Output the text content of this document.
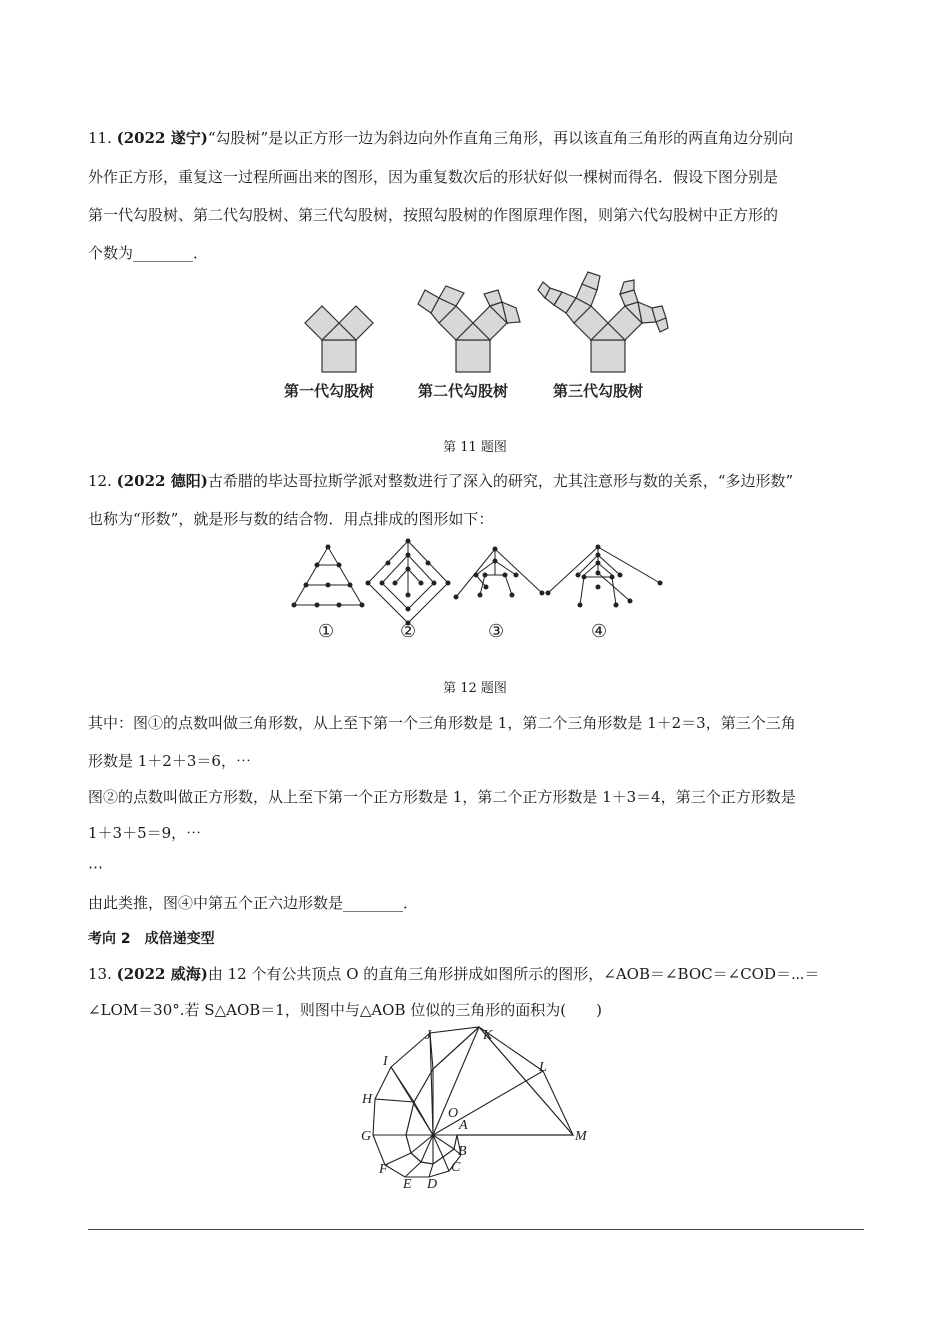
11. (2022 遂宁)“勾股树”是以正方形一边为斜边向外作直角三角形，再以该直角三角形的两直角边分别向
外作正方形，重复这一过程所画出来的图形，因为重复数次后的形状好似一棵树而得名．假设下图分别是
第一代勾股树、第二代勾股树、第三代勾股树，按照勾股树的作图原理作图，则第六代勾股树中正方形的
个数为________．
第一代勾股树	第二代勾股树	第三代勾股树
第 11 题图
12. (2022 德阳)古希腊的毕达哥拉斯学派对整数进行了深入的研究，尤其注意形与数的关系，“多边形数”
也称为“形数”，就是形与数的结合物．用点排成的图形如下：
①	②	③	④
第 12 题图
其中：图①的点数叫做三角形数，从上至下第一个三角形数是 1，第二个三角形数是 1＋2＝3，第三个三角
形数是 1＋2＋3＝6，⋯
图②的点数叫做正方形数，从上至下第一个正方形数是 1，第二个正方形数是 1＋3＝4，第三个正方形数是
1＋3＋5＝9，⋯
⋯
由此类推，图④中第五个正六边形数是________．
考向 2　成倍递变型
13. (2022 威海)由 12 个有公共顶点 O 的直角三角形拼成如图所示的图形，∠AOB＝∠BOC＝∠COD＝⋯＝
∠LOM＝30°.若 S△AOB＝1，则图中与△AOB 位似的三角形的面积为(　　)
A
B
C
D
E
F
G
H
I
J	K
L
M
O
